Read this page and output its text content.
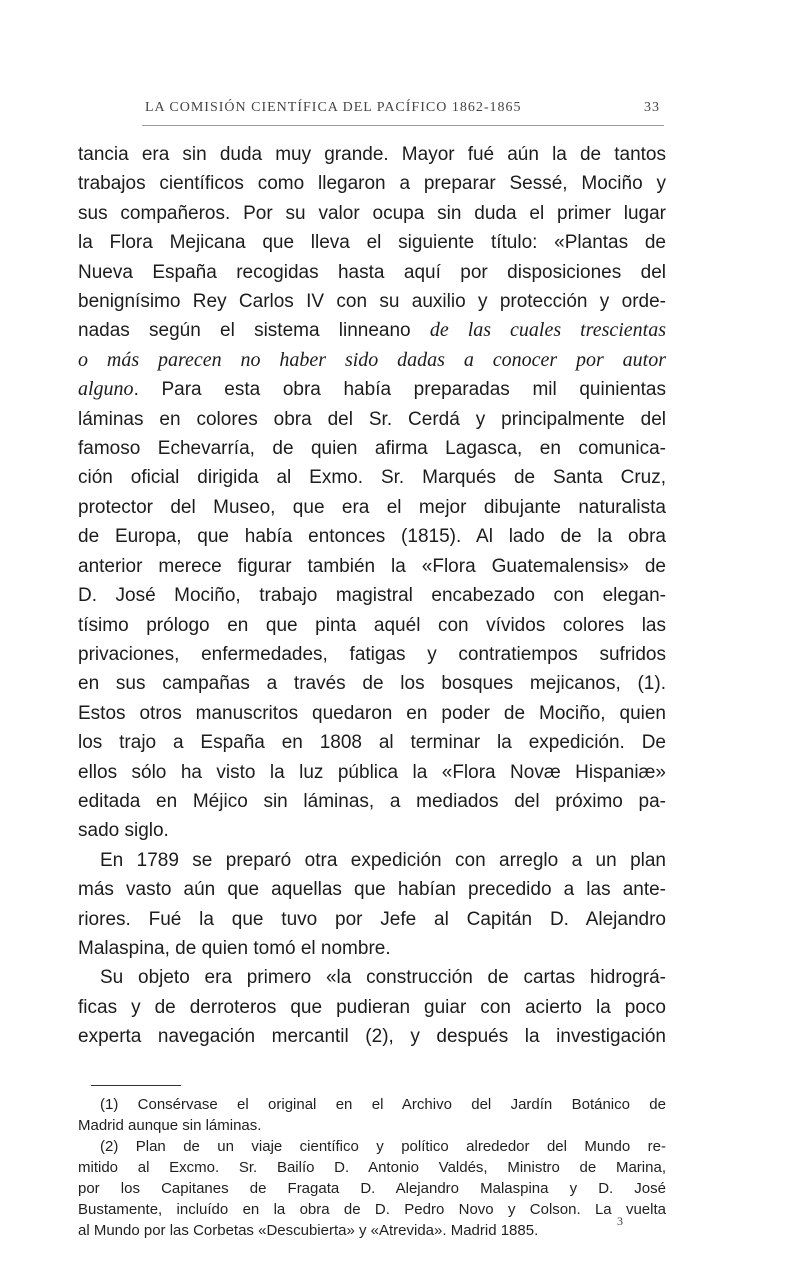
LA COMISIÓN CIENTÍFICA DEL PACÍFICO 1862-1865	33
tancia era sin duda muy grande. Mayor fué aún la de tantos
trabajos científicos como llegaron a preparar Sessé, Mociño y
sus compañeros. Por su valor ocupa sin duda el primer lugar
la Flora Mejicana que lleva el siguiente título: «Plantas de
Nueva España recogidas hasta aquí por disposiciones del
benignísimo Rey Carlos IV con su auxilio y protección y orde-
nadas según el sistema linneano de las cuales trescientas
o más parecen no haber sido dadas a conocer por autor
alguno. Para esta obra había preparadas mil quinientas
láminas en colores obra del Sr. Cerdá y principalmente del
famoso Echevarría, de quien afirma Lagasca, en comunica-
ción oficial dirigida al Exmo. Sr. Marqués de Santa Cruz,
protector del Museo, que era el mejor dibujante naturalista
de Europa, que había entonces (1815). Al lado de la obra
anterior merece figurar también la «Flora Guatemalensis» de
D. José Mociño, trabajo magistral encabezado con elegan-
tísimo prólogo en que pinta aquél con vívidos colores las
privaciones, enfermedades, fatigas y contratiempos sufridos
en sus campañas a través de los bosques mejicanos, (1).
Estos otros manuscritos quedaron en poder de Mociño, quien
los trajo a España en 1808 al terminar la expedición. De
ellos sólo ha visto la luz pública la «Flora Novæ Hispaniæ»
editada en Méjico sin láminas, a mediados del próximo pa-
sado siglo.
En 1789 se preparó otra expedición con arreglo a un plan
más vasto aún que aquellas que habían precedido a las ante-
riores. Fué la que tuvo por Jefe al Capitán D. Alejandro
Malaspina, de quien tomó el nombre.
Su objeto era primero «la construcción de cartas hidrográ-
ficas y de derroteros que pudieran guiar con acierto la poco
experta navegación mercantil (2), y después la investigación
(1) Consérvase el original en el Archivo del Jardín Botánico de
Madrid aunque sin láminas.
(2) Plan de un viaje científico y político alrededor del Mundo re-
mitido al Excmo. Sr. Bailío D. Antonio Valdés, Ministro de Marina,
por los Capitanes de Fragata D. Alejandro Malaspina y D. José
Bustamente, incluído en la obra de D. Pedro Novo y Colson. La vuelta
al Mundo por las Corbetas «Descubierta» y «Atrevida». Madrid 1885.
3
